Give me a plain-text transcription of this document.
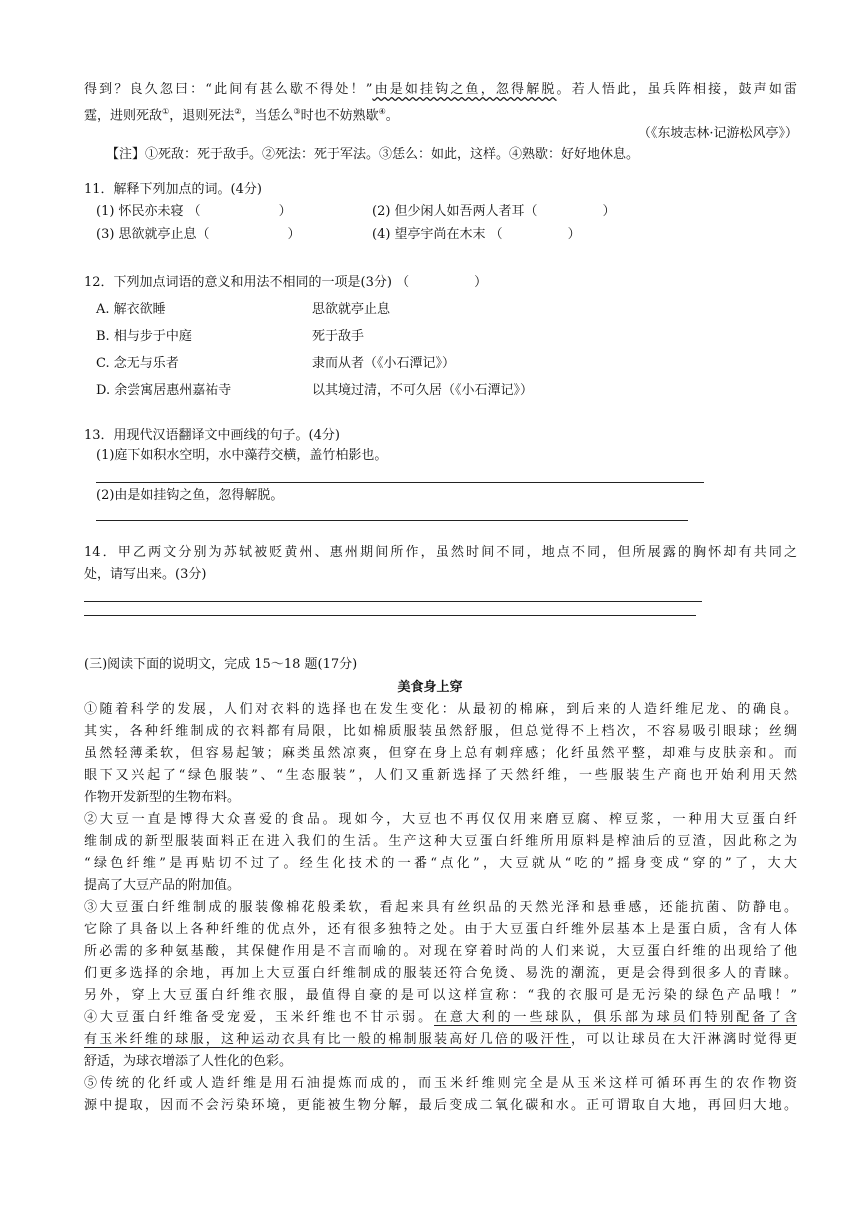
得到？良久忽曰：“此间有甚么歇不得处！”由是如挂钩之鱼，忽得解脱。若人悟此，虽兵阵相接，鼓声如雷
霆，进则死敌①，退则死法②，当恁么③时也不妨熟歇④。
（《东坡志林·记游松风亭》）
【注】①死敌：死于敌手。②死法：死于军法。③恁么：如此，这样。④熟歇：好好地休息。
11．解释下列加点的词。(4分)
(1) 怀民亦未寝 （　　　　　　）	(2) 但少闲人如吾两人者耳（　　　　　）
(3) 思欲就亭止息（　　　　　　）	(4) 望亭宇尚在木末 （　　　　　）
12．下列加点词语的意义和用法不相同的一项是(3分) （　　　　　）
A. 解衣欲睡	思欲就亭止息
B. 相与步于中庭	死于敌手
C. 念无与乐者	隶而从者（《小石潭记》）
D. 余尝寓居惠州嘉祐寺	以其境过清，不可久居（《小石潭记》）
13．用现代汉语翻译文中画线的句子。(4分)
(1)庭下如积水空明，水中藻荇交横，盖竹柏影也。
(2)由是如挂钩之鱼，忽得解脱。
14．甲乙两文分别为苏轼被贬黄州、惠州期间所作，虽然时间不同，地点不同，但所展露的胸怀却有共同之
处，请写出来。(3分)
(三)阅读下面的说明文，完成 15～18 题(17分)
美食身上穿
①随着科学的发展，人们对衣料的选择也在发生变化：从最初的棉麻，到后来的人造纤维尼龙、的确良。
其实，各种纤维制成的衣料都有局限，比如棉质服装虽然舒服，但总觉得不上档次，不容易吸引眼球；丝绸
虽然轻薄柔软，但容易起皱；麻类虽然凉爽，但穿在身上总有刺痒感；化纤虽然平整，却难与皮肤亲和。而
眼下又兴起了“绿色服装”、“生态服装”，人们又重新选择了天然纤维，一些服装生产商也开始利用天然
作物开发新型的生物布料。
②大豆一直是博得大众喜爱的食品。现如今，大豆也不再仅仅用来磨豆腐、榨豆浆，一种用大豆蛋白纤
维制成的新型服装面料正在进入我们的生活。生产这种大豆蛋白纤维所用原料是榨油后的豆渣，因此称之为
“绿色纤维”是再贴切不过了。经生化技术的一番“点化”，大豆就从“吃的”摇身变成“穿的”了，大大
提高了大豆产品的附加值。
③大豆蛋白纤维制成的服装像棉花般柔软，看起来具有丝织品的天然光泽和悬垂感，还能抗菌、防静电。
它除了具备以上各种纤维的优点外，还有很多独特之处。由于大豆蛋白纤维外层基本上是蛋白质，含有人体
所必需的多种氨基酸，其保健作用是不言而喻的。对现在穿着时尚的人们来说，大豆蛋白纤维的出现给了他
们更多选择的余地，再加上大豆蛋白纤维制成的服装还符合免烫、易洗的潮流，更是会得到很多人的青睐。
另外，穿上大豆蛋白纤维衣服，最值得自豪的是可以这样宣称：“我的衣服可是无污染的绿色产品哦！”
④大豆蛋白纤维备受宠爱，玉米纤维也不甘示弱。在意大利的一些球队，俱乐部为球员们特别配备了含
有玉米纤维的球服，这种运动衣具有比一般的棉制服装高好几倍的吸汗性，可以让球员在大汗淋漓时觉得更
舒适，为球衣增添了人性化的色彩。
⑤传统的化纤或人造纤维是用石油提炼而成的，而玉米纤维则完全是从玉米这样可循环再生的农作物资
源中提取，因而不会污染环境，更能被生物分解，最后变成二氧化碳和水。正可谓取自大地，再回归大地。
